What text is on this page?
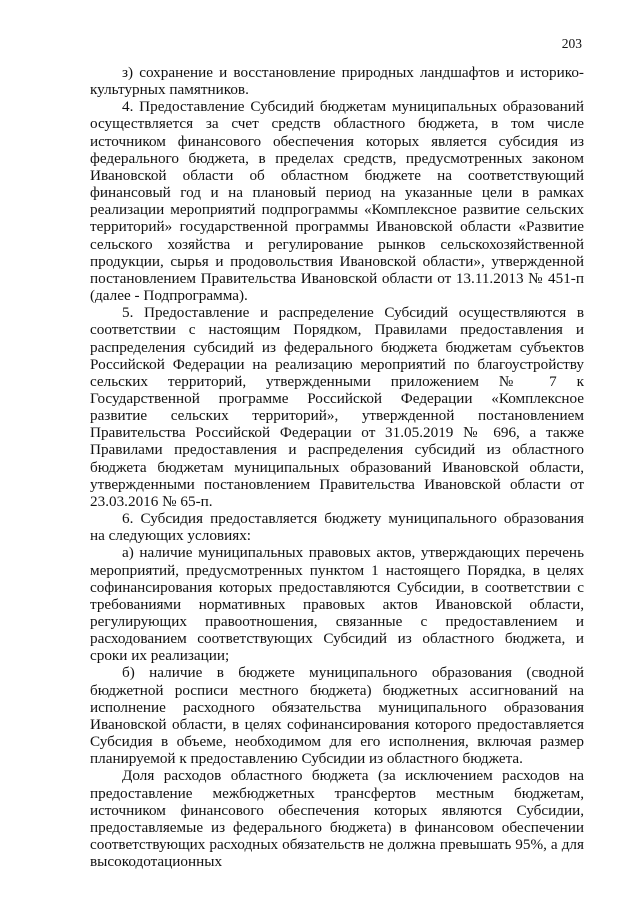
203

з) сохранение и восстановление природных ландшафтов и историко-культурных памятников.

4. Предоставление Субсидий бюджетам муниципальных образований осуществляется за счет средств областного бюджета, в том числе источником финансового обеспечения которых является субсидия из федерального бюджета, в пределах средств, предусмотренных законом Ивановской области об областном бюджете на соответствующий финансовый год и на плановый период на указанные цели в рамках реализации мероприятий подпрограммы «Комплексное развитие сельских территорий» государственной программы Ивановской области «Развитие сельского хозяйства и регулирование рынков сельскохозяйственной продукции, сырья и продовольствия Ивановской области», утвержденной постановлением Правительства Ивановской области от 13.11.2013 № 451-п (далее - Подпрограмма).

5. Предоставление и распределение Субсидий осуществляются в соответствии с настоящим Порядком, Правилами предоставления и распределения субсидий из федерального бюджета бюджетам субъектов Российской Федерации на реализацию мероприятий по благоустройству сельских территорий, утвержденными приложением № 7 к Государственной программе Российской Федерации «Комплексное развитие сельских территорий», утвержденной постановлением Правительства Российской Федерации от 31.05.2019 № 696, а также Правилами предоставления и распределения субсидий из областного бюджета бюджетам муниципальных образований Ивановской области, утвержденными постановлением Правительства Ивановской области от 23.03.2016 № 65-п.

6. Субсидия предоставляется бюджету муниципального образования на следующих условиях:

а) наличие муниципальных правовых актов, утверждающих перечень мероприятий, предусмотренных пунктом 1 настоящего Порядка, в целях софинансирования которых предоставляются Субсидии, в соответствии с требованиями нормативных правовых актов Ивановской области, регулирующих правоотношения, связанные с предоставлением и расходованием соответствующих Субсидий из областного бюджета, и сроки их реализации;

б) наличие в бюджете муниципального образования (сводной бюджетной росписи местного бюджета) бюджетных ассигнований на исполнение расходного обязательства муниципального образования Ивановской области, в целях софинансирования которого предоставляется Субсидия в объеме, необходимом для его исполнения, включая размер планируемой к предоставлению Субсидии из областного бюджета.

Доля расходов областного бюджета (за исключением расходов на предоставление межбюджетных трансфертов местным бюджетам, источником финансового обеспечения которых являются Субсидии, предоставляемые из федерального бюджета) в финансовом обеспечении соответствующих расходных обязательств не должна превышать 95%, а для высокодотационных
